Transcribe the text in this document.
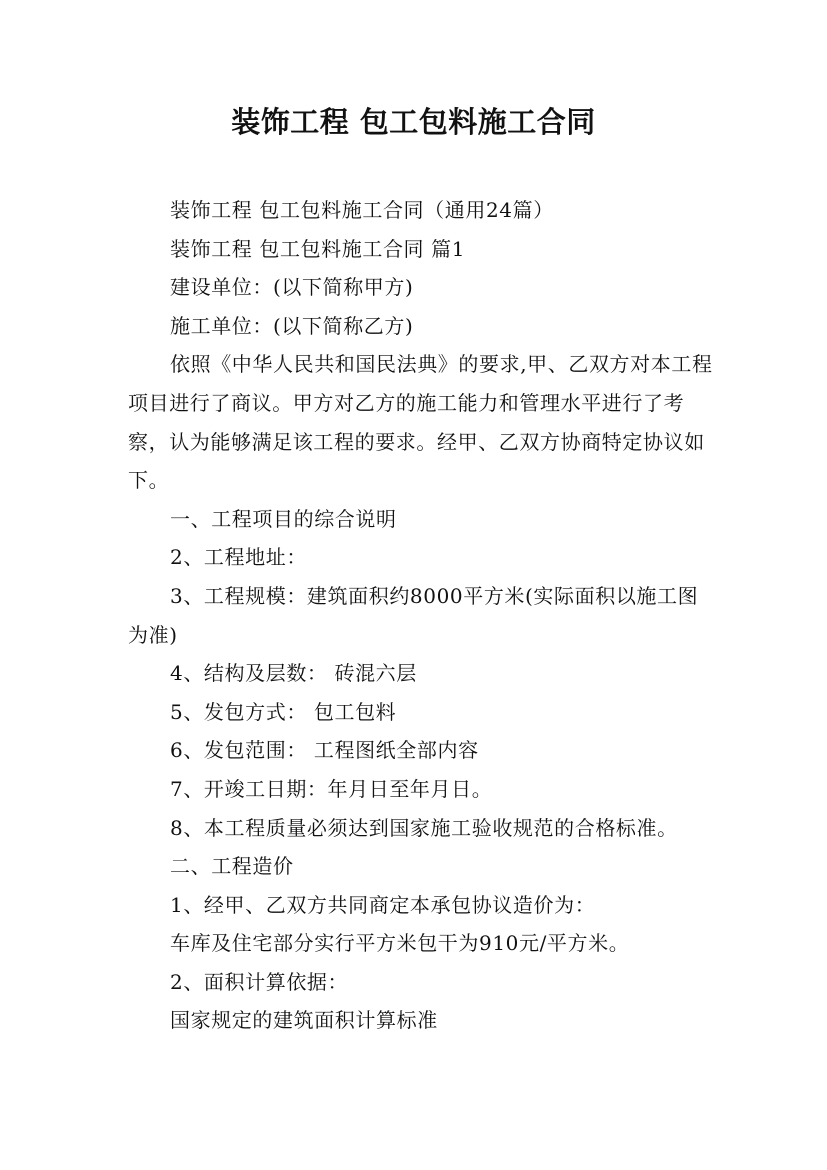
装饰工程 包工包料施工合同

装饰工程 包工包料施工合同（通用24篇）

装饰工程 包工包料施工合同 篇1

建设单位：(以下简称甲方)

施工单位：(以下简称乙方)

依照《中华人民共和国民法典》的要求,甲、乙双方对本工程项目进行了商议。甲方对乙方的施工能力和管理水平进行了考察，认为能够满足该工程的要求。经甲、乙双方协商特定协议如下。

一、工程项目的综合说明

2、工程地址：

3、工程规模：建筑面积约8000平方米(实际面积以施工图为准)

4、结构及层数： 砖混六层

5、发包方式： 包工包料

6、发包范围： 工程图纸全部内容

7、开竣工日期：年月日至年月日。

8、本工程质量必须达到国家施工验收规范的合格标准。

二、工程造价

1、经甲、乙双方共同商定本承包协议造价为：

车库及住宅部分实行平方米包干为910元/平方米。

2、面积计算依据：

国家规定的建筑面积计算标准
